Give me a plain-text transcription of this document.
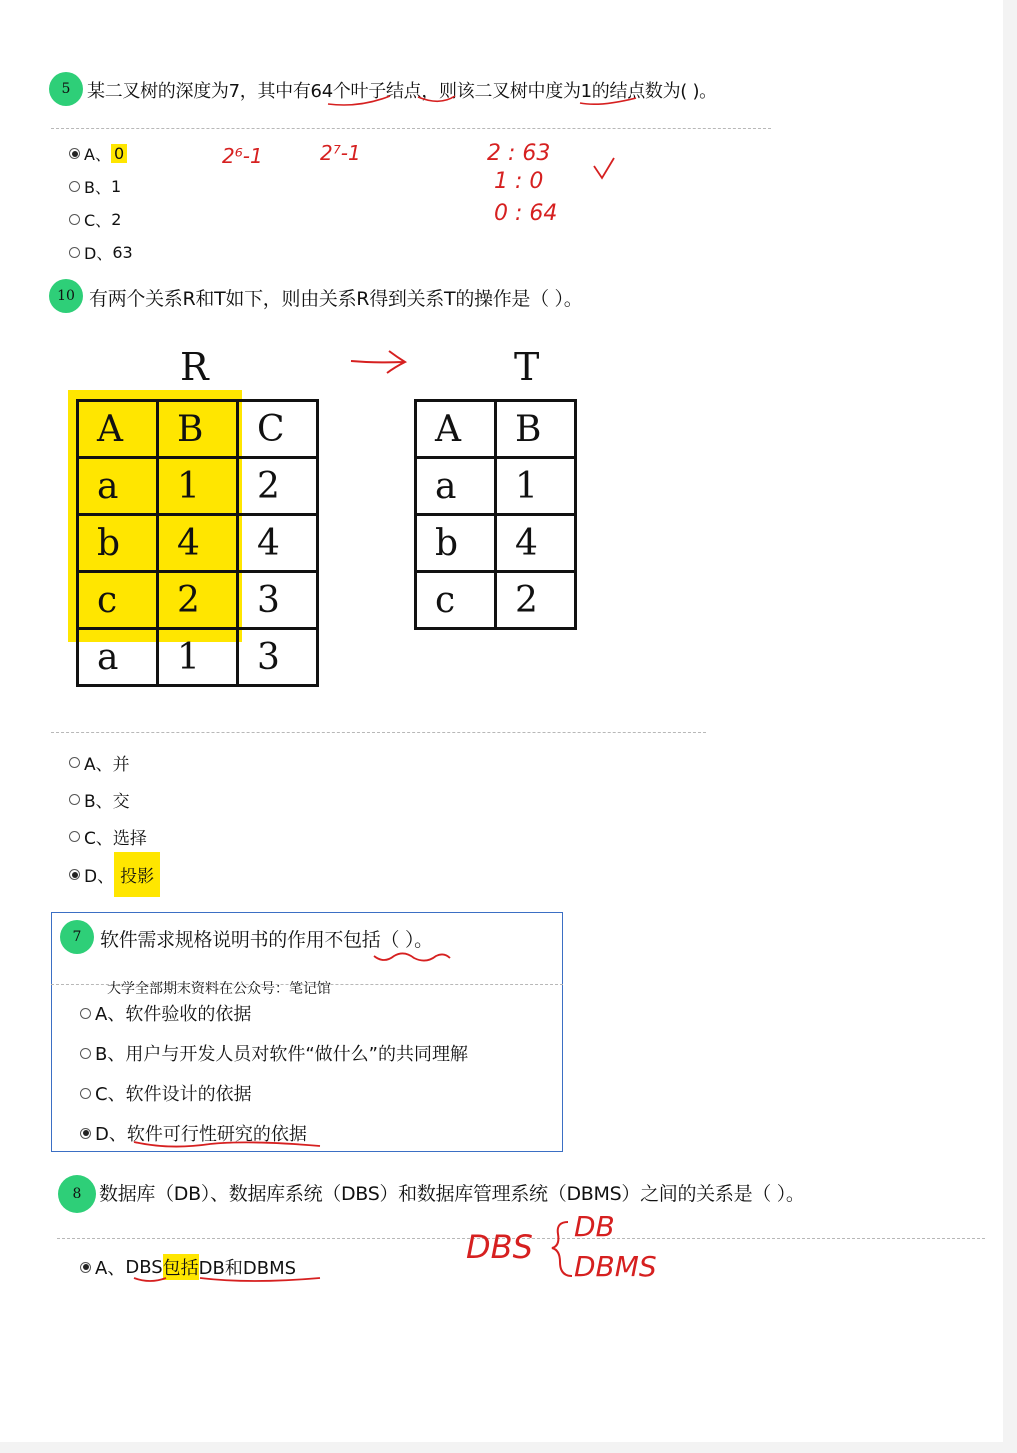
5 某二叉树的深度为7，其中有64个叶子结点，则该二叉树中度为1的结点数为( )。
A、 0
B、 1
C、 2
D、 63
2⁶-1	2⁷-1	2 : 63
1 : 0
0 : 64
10 有两个关系R和T如下，则由关系R得到关系T的操作是（ ）。
R
A	B	C
a	1	2
b	4	4
c	2	3
a	1	3
T
A	B
a	1
b	4
c	2
A、 并
B、 交
C、 选择
D、 投影
7 软件需求规格说明书的作用不包括（ ）。
大学全部期末资料在公众号：笔记馆
A、 软件验收的依据
B、 用户与开发人员对软件“做什么”的共同理解
C、 软件设计的依据
D、 软件可行性研究的依据
8 数据库（DB）、数据库系统（DBS）和数据库管理系统（DBMS）之间的关系是（ ）。
A、 DBS 包括 DB和DBMS
DBS
DB
DBMS
